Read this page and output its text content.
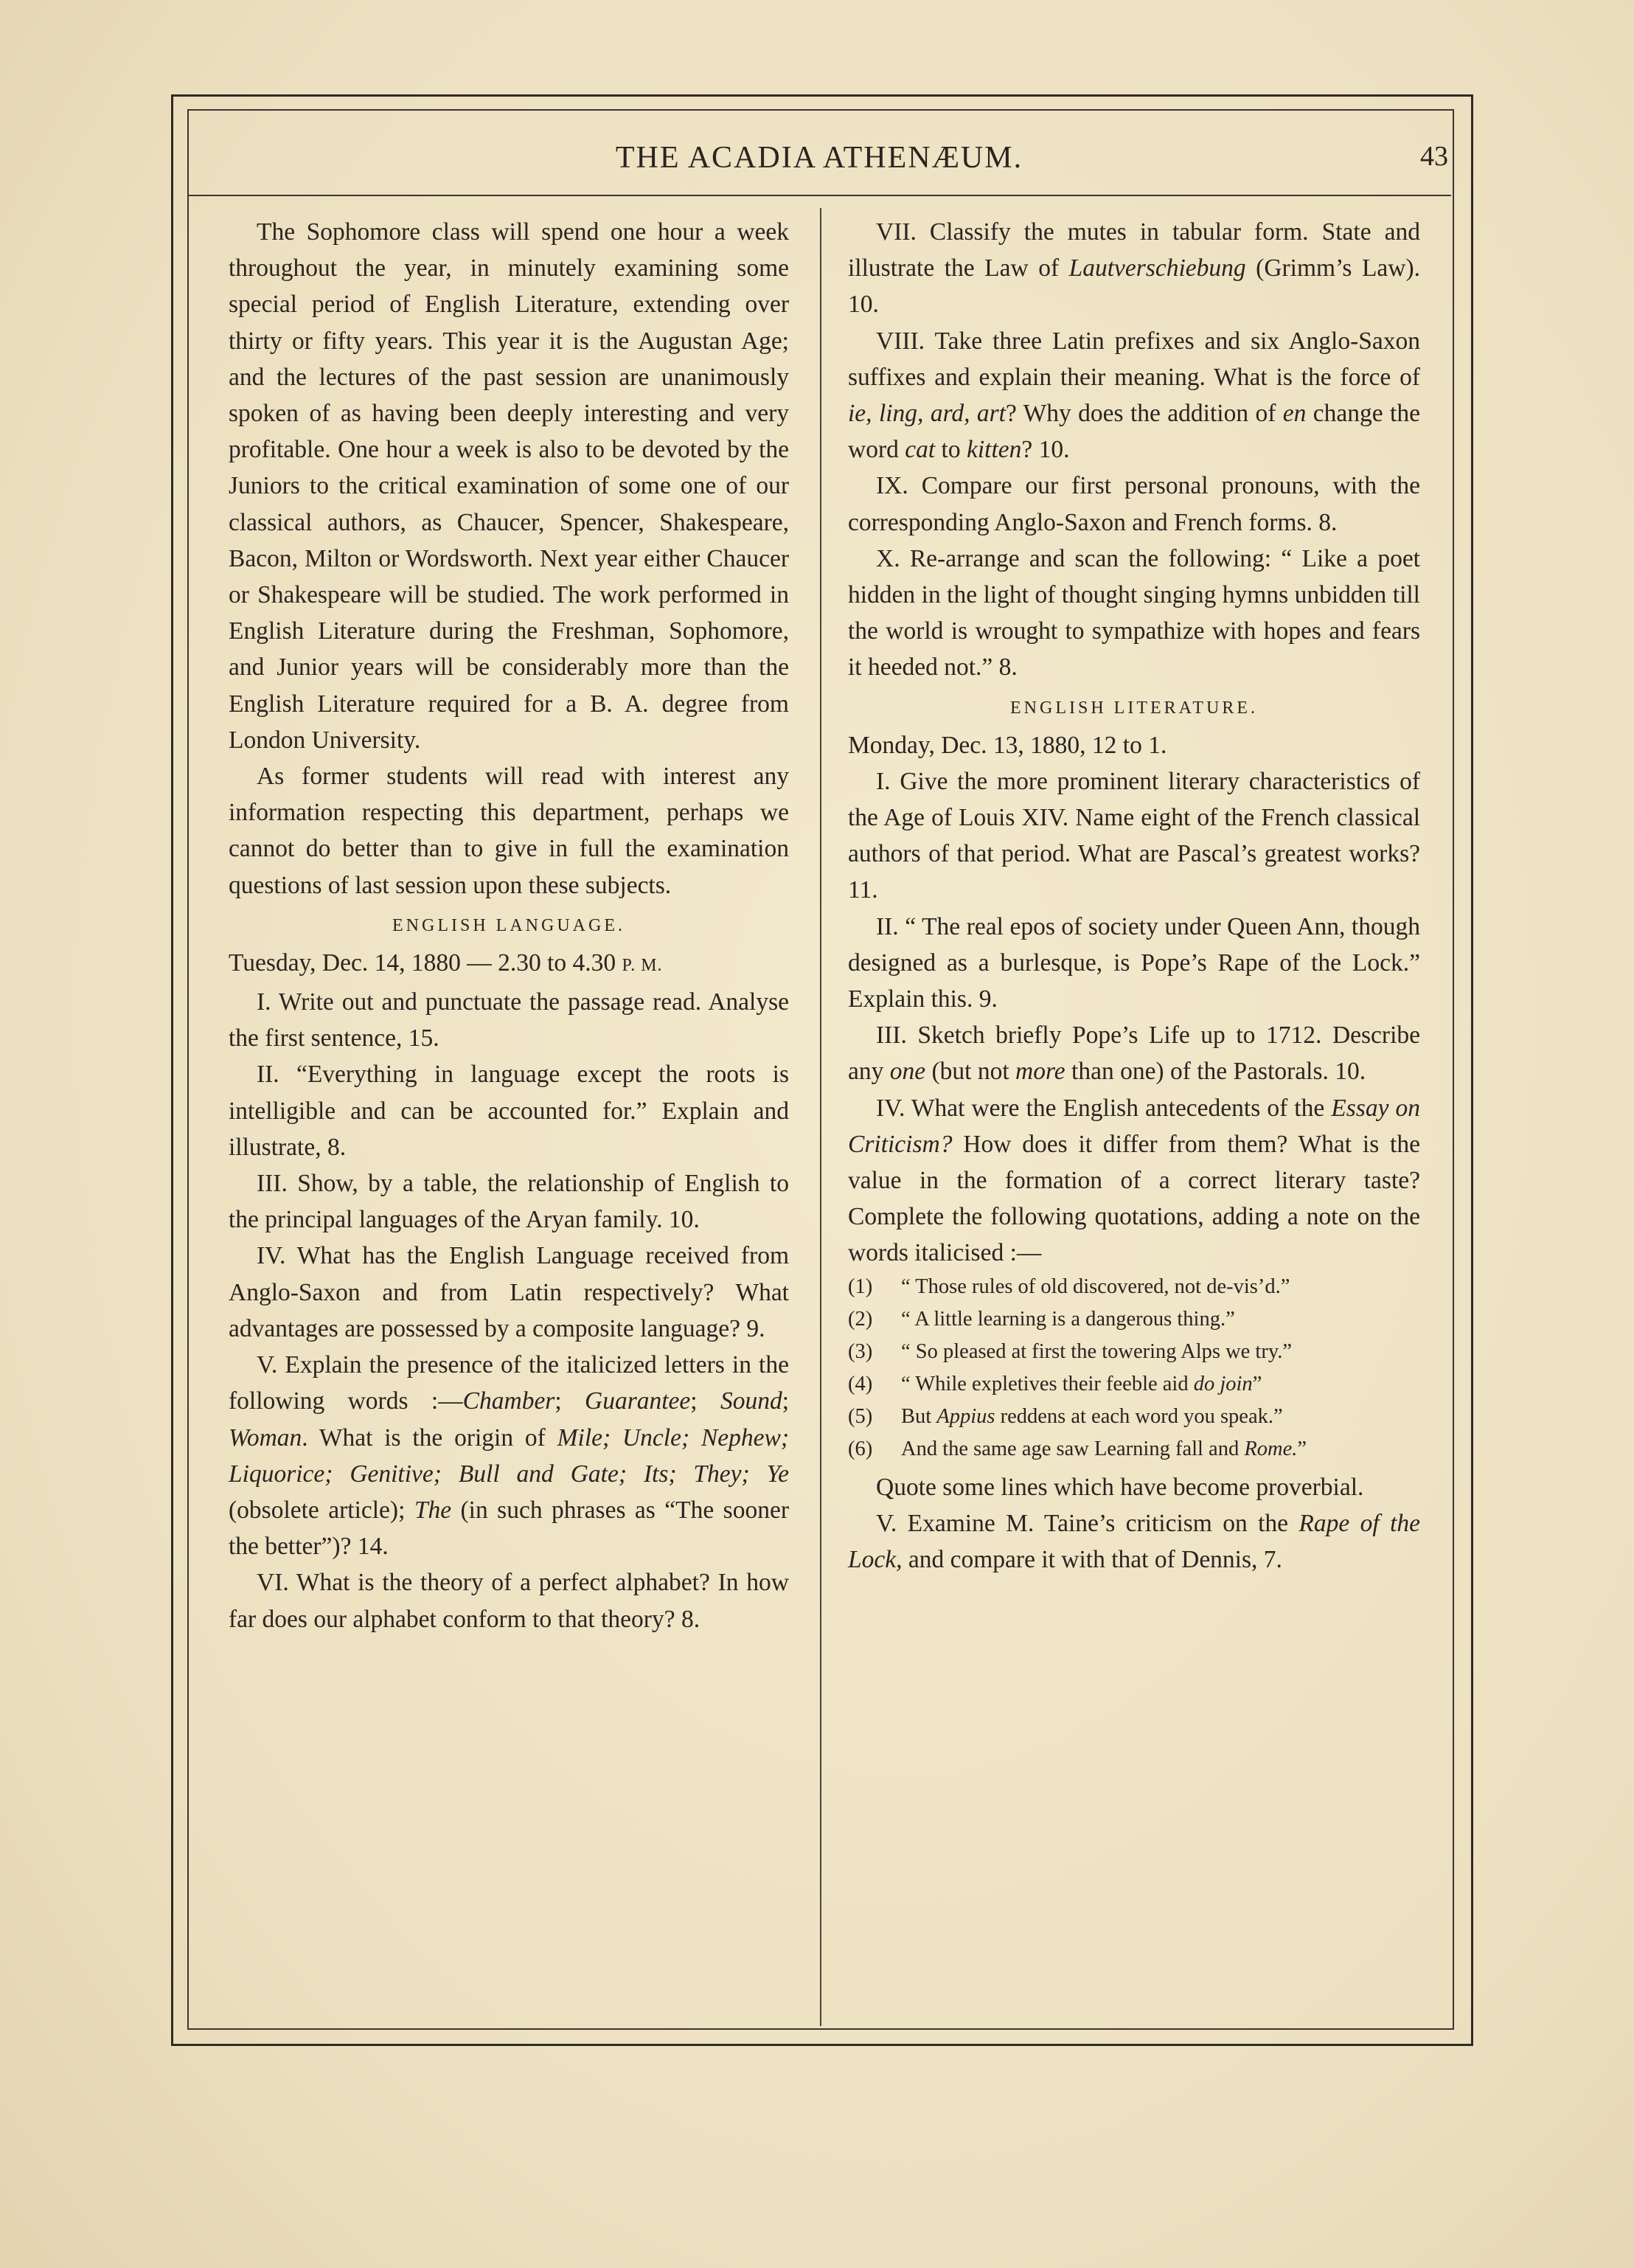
THE ACADIA ATHENÆUM.	43

The Sophomore class will spend one hour a week throughout the year, in minutely examining some special period of English Literature, extending over thirty or fifty years. This year it is the Augustan Age; and the lectures of the past session are unanimously spoken of as having been deeply interesting and very profitable. One hour a week is also to be devoted by the Juniors to the critical examination of some one of our classical authors, as Chaucer, Spencer, Shakespeare, Bacon, Milton or Wordsworth. Next year either Chaucer or Shakespeare will be studied. The work performed in English Literature during the Freshman, Sophomore, and Junior years will be considerably more than the English Literature required for a B. A. degree from London University.

As former students will read with interest any information respecting this department, perhaps we cannot do better than to give in full the examination questions of last session upon these subjects.

ENGLISH LANGUAGE.

Tuesday, Dec. 14, 1880 — 2.30 to 4.30 P. M.

I. Write out and punctuate the passage read. Analyse the first sentence, 15.

II. “Everything in language except the roots is intelligible and can be accounted for.” Explain and illustrate, 8.

III. Show, by a table, the relationship of English to the principal languages of the Aryan family. 10.

IV. What has the English Language received from Anglo-Saxon and from Latin respectively? What advantages are possessed by a composite language? 9.

V. Explain the presence of the italicized letters in the following words :—Chamber; Guarantee; Sound; Woman. What is the origin of Mile; Uncle; Nephew; Liquorice; Genitive; Bull and Gate; Its; They; Ye (obsolete article); The (in such phrases as “The sooner the better”)? 14.

VI. What is the theory of a perfect alphabet? In how far does our alphabet conform to that theory? 8.

VII. Classify the mutes in tabular form. State and illustrate the Law of Lautverschiebung (Grimm’s Law). 10.

VIII. Take three Latin prefixes and six Anglo-Saxon suffixes and explain their meaning. What is the force of ie, ling, ard, art? Why does the addition of en change the word cat to kitten? 10.

IX. Compare our first personal pronouns, with the corresponding Anglo-Saxon and French forms. 8.

X. Re-arrange and scan the following: “ Like a poet hidden in the light of thought singing hymns unbidden till the world is wrought to sympathize with hopes and fears it heeded not.” 8.

ENGLISH LITERATURE.

Monday, Dec. 13, 1880, 12 to 1.

I. Give the more prominent literary characteristics of the Age of Louis XIV. Name eight of the French classical authors of that period. What are Pascal’s greatest works? 11.

II. “ The real epos of society under Queen Ann, though designed as a burlesque, is Pope’s Rape of the Lock.” Explain this. 9.

III. Sketch briefly Pope’s Life up to 1712. Describe any one (but not more than one) of the Pastorals. 10.

IV. What were the English antecedents of the Essay on Criticism? How does it differ from them? What is the value in the formation of a correct literary taste? Complete the following quotations, adding a note on the words italicised :—

(1)	“ Those rules of old discovered, not de-vis’d.”
(2)	“ A little learning is a dangerous thing.”
(3)	“ So pleased at first the towering Alps we try.”
(4)	“ While expletives their feeble aid do join”
(5)	But Appius reddens at each word you speak.”
(6)	And the same age saw Learning fall and Rome.”

Quote some lines which have become proverbial.

V. Examine M. Taine’s criticism on the Rape of the Lock, and compare it with that of Dennis, 7.
